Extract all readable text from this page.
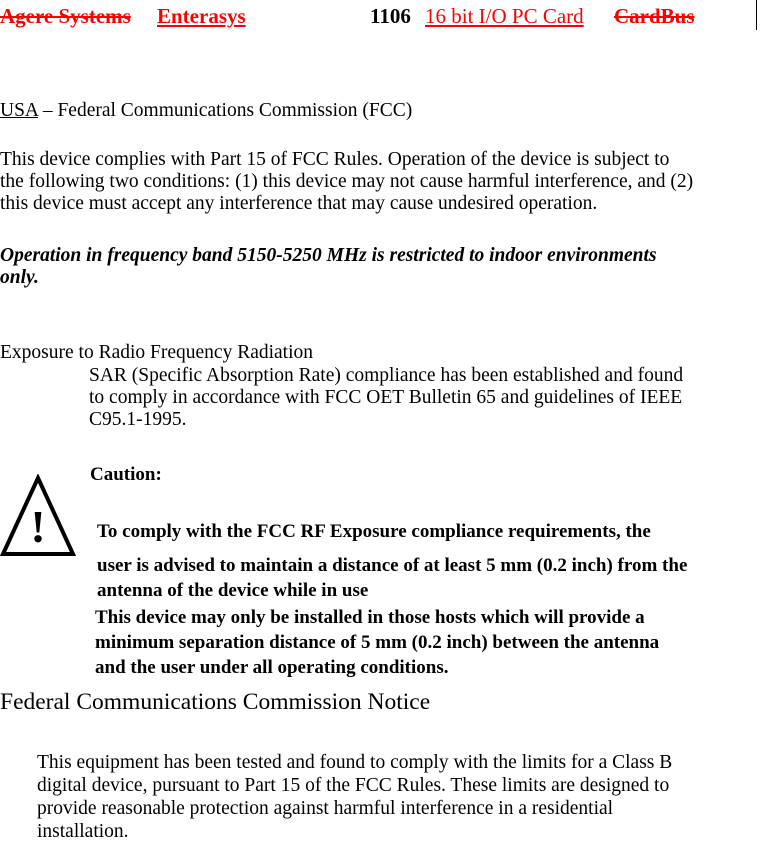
Agere Systems Enterasys	1106 16 bit I/O PC Card CardBus
USA – Federal Communications Commission (FCC)
This device complies with Part 15 of FCC Rules. Operation of the device is subject to
the following two conditions: (1) this device may not cause harmful interference, and (2)
this device must accept any interference that may cause undesired operation.
Operation in frequency band 5150-5250 MHz is restricted to indoor environments
only.
Exposure to Radio Frequency Radiation
SAR (Specific Absorption Rate) compliance has been established and found
to comply in accordance with FCC OET Bulletin 65 and guidelines of IEEE
C95.1-1995.
Caution:
!	To comply with the FCC RF Exposure compliance requirements, the
user is advised to maintain a distance of at least 5 mm (0.2 inch) from the
antenna of the device while in use
This device may only be installed in those hosts which will provide a
minimum separation distance of 5 mm (0.2 inch) between the antenna
and the user under all operating conditions.
Federal Communications Commission Notice
This equipment has been tested and found to comply with the limits for a Class B
digital device, pursuant to Part 15 of the FCC Rules. These limits are designed to
provide reasonable protection against harmful interference in a residential
installation.
